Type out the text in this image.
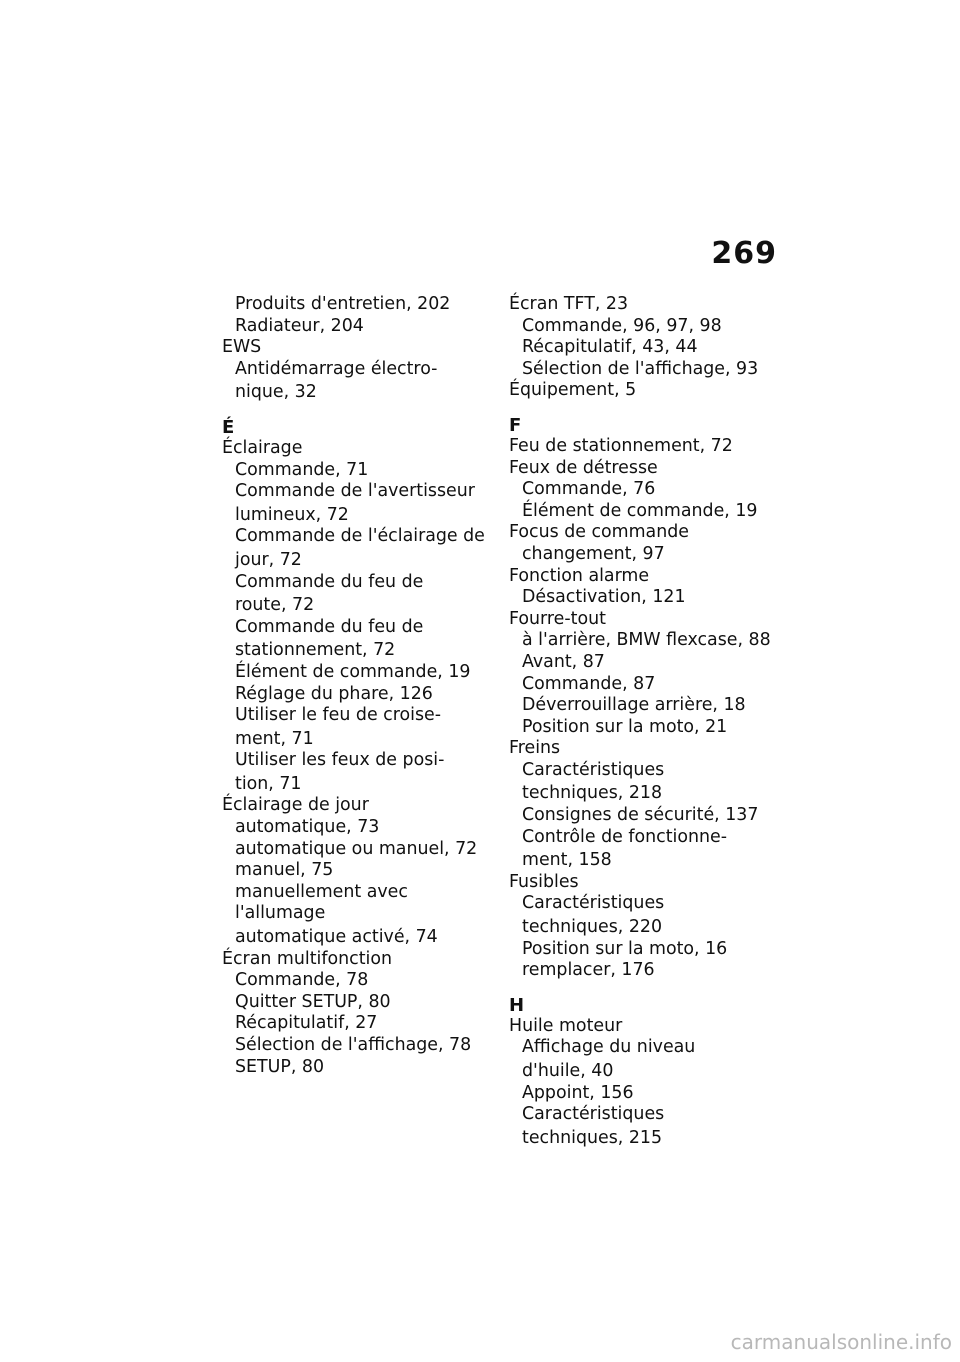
269
Produits d'entretien, 202
Radiateur, 204
EWS
Antidémarrage électro-
nique, 32
É
Éclairage
Commande, 71
Commande de l'avertisseur
lumineux, 72
Commande de l'éclairage de
jour, 72
Commande du feu de
route, 72
Commande du feu de
stationnement, 72
Élément de commande, 19
Réglage du phare, 126
Utiliser le feu de croise-
ment, 71
Utiliser les feux de posi-
tion, 71
Éclairage de jour
automatique, 73
automatique ou manuel, 72
manuel, 75
manuellement avec l'allumage
automatique activé, 74
Écran multifonction
Commande, 78
Quitter SETUP, 80
Récapitulatif, 27
Sélection de l'affichage, 78
SETUP, 80
Écran TFT, 23
Commande, 96, 97, 98
Récapitulatif, 43, 44
Sélection de l'affichage, 93
Équipement, 5
F
Feu de stationnement, 72
Feux de détresse
Commande, 76
Élément de commande, 19
Focus de commande
changement, 97
Fonction alarme
Désactivation, 121
Fourre-tout
à l'arrière, BMW flexcase, 88
Avant, 87
Commande, 87
Déverrouillage arrière, 18
Position sur la moto, 21
Freins
Caractéristiques
techniques, 218
Consignes de sécurité, 137
Contrôle de fonctionne-
ment, 158
Fusibles
Caractéristiques
techniques, 220
Position sur la moto, 16
remplacer, 176
H
Huile moteur
Affichage du niveau
d'huile, 40
Appoint, 156
Caractéristiques
techniques, 215
carmanualsonline.info
